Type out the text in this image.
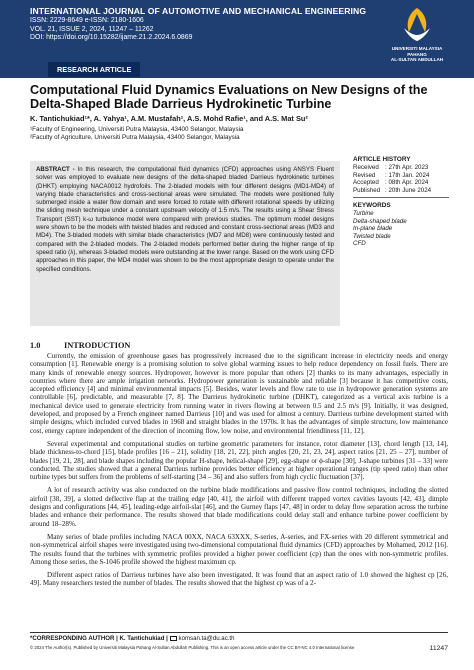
INTERNATIONAL JOURNAL OF AUTOMOTIVE AND MECHANICAL ENGINEERING
ISSN: 2229-8649 e-ISSN: 2180-1606
VOL. 21, ISSUE 2, 2024, 11247 – 11262
DOI: https://doi.org/10.15282/ijame.21.2.2024.6.0869
UNIVERSITI MALAYSIA PAHANG
AL-SULTAN ABDULLAH
RESEARCH ARTICLE
Computational Fluid Dynamics Evaluations on New Designs of the Delta-Shaped Blade Darrieus Hydrokinetic Turbine
K. Tantichukiad¹*, A. Yahya¹, A.M. Mustafah¹, A.S. Mohd Rafie¹, and A.S. Mat Su²
¹Faculty of Engineering, Universiti Putra Malaysia, 43400 Selangor, Malaysia
²Faculty of Agriculture, Universiti Putra Malaysia, 43400 Selangor, Malaysia
ABSTRACT - In this research, the computational fluid dynamics (CFD) approaches using ANSYS Fluent solver was employed to evaluate new designs of the delta-shaped bladed Darrieus hydrokinetic turbines (DHKT) employing NACA0012 hydrofoils. The 2-bladed models with four different designs (MD1-MD4) of varying blade characteristics and cross-sectional areas were simulated. The models were positioned fully submerged inside a water flow domain and were forced to rotate with different rotational speeds by utilizing the sliding mesh technique under a constant upstream velocity of 1.5 m/s. The results using a Shear Stress Transport (SST) k-ω turbulence model were compared with previous studies. The optimum model designs were shown to be the models with twisted blades and reduced and constant cross-sectional areas (MD3 and MD4). The 3-bladed models with similar blade characteristics (MD7 and MD8) were continuously tested and compared with the 2-bladed models. The 2-bladed models performed better during the higher range of tip speed ratio (λ), whereas 3-bladed models were outstanding at the lower range. Based on the work using CFD approaches in this paper, the MD4 model was shown to be the most appropriate design to operate under the specified conditions.
ARTICLE HISTORY
Received	: 27th Apr. 2023
Revised	: 17th Jan. 2024
Accepted : 08th Apr. 2024
Published : 20th June 2024
KEYWORDS
Turbine
Delta-shaped blade
In-plane blade
Twisted blade
CFD
1.0	INTRODUCTION

Currently, the emission of greenhouse gases has progressively increased due to the significant increase in electricity needs and energy consumption [1]. Renewable energy is a promising solution to solve global warming issues to help reduce dependency on fossil fuels. There are many kinds of renewable energy sources. Hydropower, however is more popular than others [2] thanks to its many advantages, especially in countries where there are ample irrigation networks. Hydropower generation is sustainable and reliable [3] because it has competitive costs, accepted efficiency [4] and minimal environmental impacts [5]. Besides, water levels and flow rate to use in hydropower generation systems are controllable [6], predictable, and measurable [7, 8]. The Darrieus hydrokinetic turbine (DHKT), categorized as a vertical axis turbine is a mechanical device used to generate electricity from running water in rivers flowing at between 0.5 and 2.5 m/s [9]. Initially, it was designed, developed, and proposed by a French engineer named Darrieus [10] and was used for almost a century. Darrieus turbine development started with simple designs, which included curved blades in 1968 and straight blades in the 1970s. It has the advantages of simple structure, low maintenance cost, energy capture independent of the direction of incoming flow, low noise, and environmental friendliness [11, 12].

Several experimental and computational studies on turbine geometric parameters for instance, rotor diameter [13], chord length [13, 14], blade thickness-to-chord [15], blade profiles [16 – 21], solidity [18, 21, 22], pitch angles [20, 21, 23, 24], aspect ratios [21, 25 – 27], number of blades [19, 21, 28], and blade shapes including the popular H-shape, helical-shape [29], egg-shape or ϕ-shape [30], J-shape turbines [31 – 33] were conducted. The studies showed that a general Darrieus turbine provides better efficiency at higher operational ranges (tip speed ratio) than other turbine types but suffers from the problems of self-starting [34 – 36] and also suffers from high cyclic fluctuation [37].

A lot of research activity was also conducted on the turbine blade modifications and passive flow control techniques, including the slotted airfoil [38, 39], a slotted deflective flap at the trailing edge [40, 41], the airfoil with different trapped vortex cavities layouts [42, 43], dimple designs and configurations [44, 45], leading-edge airfoil-slat [46], and the Gurney flaps [47, 48] in order to delay flow separation across the turbine blades and enhance their performance. The results showed that blade modifications could delay stall and enhance turbine power coefficient by around 18–28%.

Many series of blade profiles including NACA 00XX, NACA 63XXX, S-series, A-series, and FX-series with 20 different symmetrical and non-symmetrical airfoil shapes were investigated using two-dimensional computational fluid dynamics (CFD) approaches by Mohamed, 2012 [16]. The results found that the turbines with symmetric profiles provided a higher power coefficient (cp) than the ones with non-symmetric profiles. Among those series, the S-1046 profile showed the highest maximum cp.

Different aspect ratios of Darrieus turbines have also been investigated. It was found that an aspect ratio of 1.0 showed the highest cp [26, 49]. Many researchers tested the number of blades. The results showed that the highest cp was of a 2-

*CORRESPONDING AUTHOR | K. Tantichukiad | komsan.ta@du.ac.th
© 2024 The Author(s). Published by Universiti Malaysia Pahang Al-Sultan Abdullah Publishing. This is an open access article under the CC BY-NC 4.0 International license	11247
